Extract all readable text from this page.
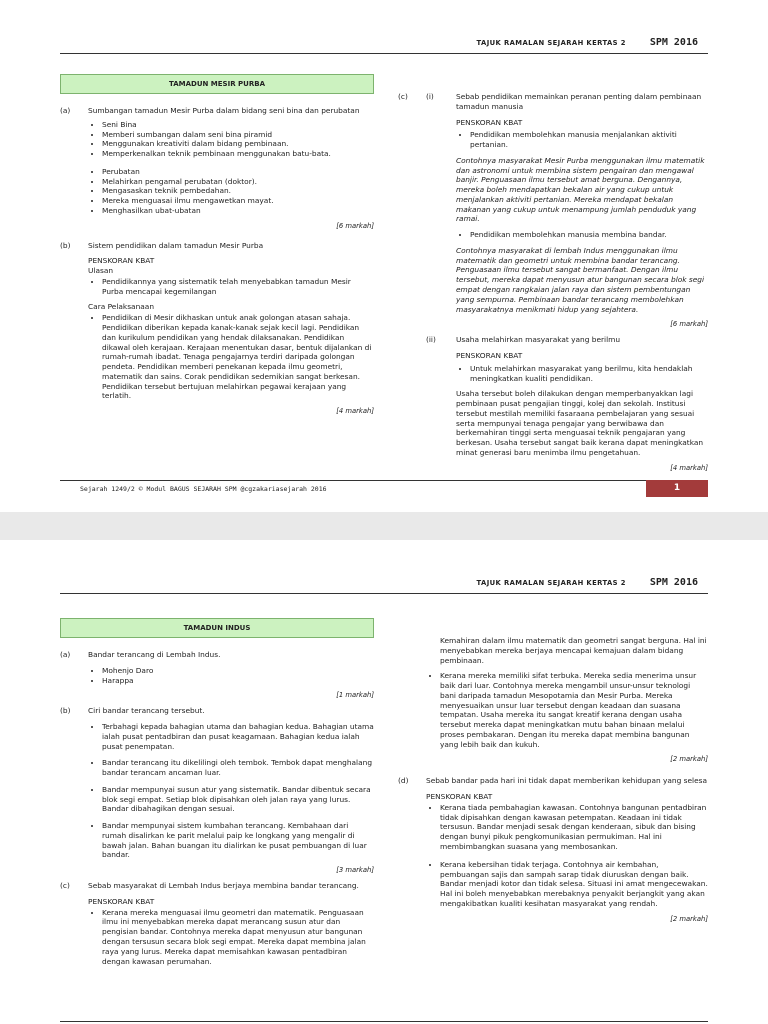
TAJUK RAMALAN SEJARAH KERTAS 2 SPM 2016
TAMADUN MESIR PURBA
(a)	Sumbangan tamadun Mesir Purba dalam bidang seni bina dan perubatan
• Seni Bina
• Memberi sumbangan dalam seni bina piramid
• Menggunakan kreativiti dalam bidang pembinaan.
• Memperkenalkan teknik pembinaan menggunakan batu-bata.
• Perubatan
• Melahirkan pengamal perubatan (doktor).
• Mengasaskan teknik pembedahan.
• Mereka menguasai ilmu mengawetkan mayat.
• Menghasilkan ubat-ubatan
[6 markah]
(b)	Sistem pendidikan dalam tamadun Mesir Purba
PENSKORAN KBAT
Ulasan
• Pendidikannya yang sistematik telah menyebabkan tamadun Mesir Purba mencapai kegemilangan
Cara Pelaksanaan
• Pendidikan di Mesir dikhaskan untuk anak golongan atasan sahaja. Pendidikan diberikan kepada kanak-kanak sejak kecil lagi. Pendidikan dan kurikulum pendidikan yang hendak dilaksanakan. Pendidikan dikawal oleh kerajaan. Kerajaan menentukan dasar, bentuk dijalankan di rumah-rumah ibadat. Tenaga pengajarnya terdiri daripada golongan pendeta. Pendidikan memberi penekanan kepada ilmu geometri, matematik dan sains. Corak pendidikan sedemikian sangat berkesan. Pendidikan tersebut bertujuan melahirkan pegawai kerajaan yang terlatih.
[4 markah]
(c)	(i)	Sebab pendidikan memainkan peranan penting dalam pembinaan tamadun manusia
PENSKORAN KBAT
• Pendidikan membolehkan manusia menjalankan aktiviti pertanian.
Contohnya masyarakat Mesir Purba menggunakan ilmu matematik dan astronomi untuk membina sistem pengairan dan mengawal banjir. Penguasaan ilmu tersebut amat berguna. Dengannya, mereka boleh mendapatkan bekalan air yang cukup untuk menjalankan aktiviti pertanian. Mereka mendapat bekalan makanan yang cukup untuk menampung jumlah penduduk yang ramai.
• Pendidikan membolehkan manusia membina bandar.
Contohnya masyarakat di lembah Indus menggunakan ilmu matematik dan geometri untuk membina bandar terancang. Penguasaan ilmu tersebut sangat bermanfaat. Dengan ilmu tersebut, mereka dapat menyusun atur bangunan secara blok segi empat dengan rangkaian jalan raya dan sistem pembentungan yang sempurna. Pembinaan bandar terancang membolehkan masyarakatnya menikmati hidup yang sejahtera.
[6 markah]
(ii)	Usaha melahirkan masyarakat yang berilmu
PENSKORAN KBAT
• Untuk melahirkan masyarakat yang berilmu, kita hendaklah meningkatkan kualiti pendidikan.
Usaha tersebut boleh dilakukan dengan memperbanyakkan lagi pembinaan pusat pengajian tinggi, kolej dan sekolah. Institusi tersebut mestilah memiliki fasaraana pembelajaran yang sesuai serta mempunyai tenaga pengajar yang berwibawa dan berkemahiran tinggi serta menguasai teknik pengajaran yang berkesan. Usaha tersebut sangat baik kerana dapat meningkatkan minat generasi baru menimba ilmu pengetahuan.
[4 markah]
Sejarah 1249/2 © Modul BAGUS SEJARAH SPM @cgzakariasejarah 2016	1
TAJUK RAMALAN SEJARAH KERTAS 2 SPM 2016
TAMADUN INDUS
(a)	Bandar terancang di Lembah Indus.
• Mohenjo Daro
• Harappa
[1 markah]
(b)	Ciri bandar terancang tersebut.
• Terbahagi kepada bahagian utama dan bahagian kedua. Bahagian utama ialah pusat pentadbiran dan pusat keagamaan. Bahagian kedua ialah pusat penempatan.
• Bandar terancang itu dikelilingi oleh tembok. Tembok dapat menghalang bandar terancam ancaman luar.
• Bandar mempunyai susun atur yang sistematik. Bandar dibentuk secara blok segi empat. Setiap blok dipisahkan oleh jalan raya yang lurus. Bandar dibahagikan dengan sesuai.
• Bandar mempunyai sistem kumbahan terancang. Kembahaan dari rumah disalirkan ke parit melalui paip ke longkang yang mengalir di bawah jalan. Bahan buangan itu dialirkan ke pusat pembuangan di luar bandar.
[3 markah]
(c)	Sebab masyarakat di Lembah Indus berjaya membina bandar terancang.
PENSKORAN KBAT
• Kerana mereka menguasai ilmu geometri dan matematik. Penguasaan ilmu ini menyebabkan mereka dapat merancang susun atur dan pengisian bandar. Contohnya mereka dapat menyusun atur bangunan dengan tersusun secara blok segi empat. Mereka dapat membina jalan raya yang lurus. Mereka dapat memisahkan kawasan pentadbiran dengan kawasan perumahan.
Kemahiran dalam ilmu matematik dan geometri sangat berguna. Hal ini menyebabkan mereka berjaya mencapai kemajuan dalam bidang pembinaan.
• Kerana mereka memiliki sifat terbuka. Mereka sedia menerima unsur baik dari luar. Contohnya mereka mengambil unsur-unsur teknologi bani daripada tamadun Mesopotamia dan Mesir Purba. Mereka menyesuaikan unsur luar tersebut dengan keadaan dan suasana tempatan. Usaha mereka itu sangat kreatif kerana dengan usaha tersebut mereka dapat meningkatkan mutu bahan binaan melalui proses pembakaran. Dengan itu mereka dapat membina bangunan yang lebih baik dan kukuh.
[2 markah]
(d)	Sebab bandar pada hari ini tidak dapat memberikan kehidupan yang selesa
PENSKORAN KBAT
• Kerana tiada pembahagian kawasan. Contohnya bangunan pentadbiran tidak dipisahkan dengan kawasan petempatan. Keadaan ini tidak tersusun. Bandar menjadi sesak dengan kenderaan, sibuk dan bising dengan bunyi pikuk pengkomunikasian permukiman. Hal ini membimbangkan suasana yang membosankan.
• Kerana kebersihan tidak terjaga. Contohnya air kembahan, pembuangan sajis dan sampah sarap tidak diuruskan dengan baik. Bandar menjadi kotor dan tidak selesa. Situasi ini amat mengecewakan. Hal ini boleh menyebabkan merebaknya penyakit berjangkit yang akan mengakibatkan kualiti kesihatan masyarakat yang rendah.
[2 markah]
